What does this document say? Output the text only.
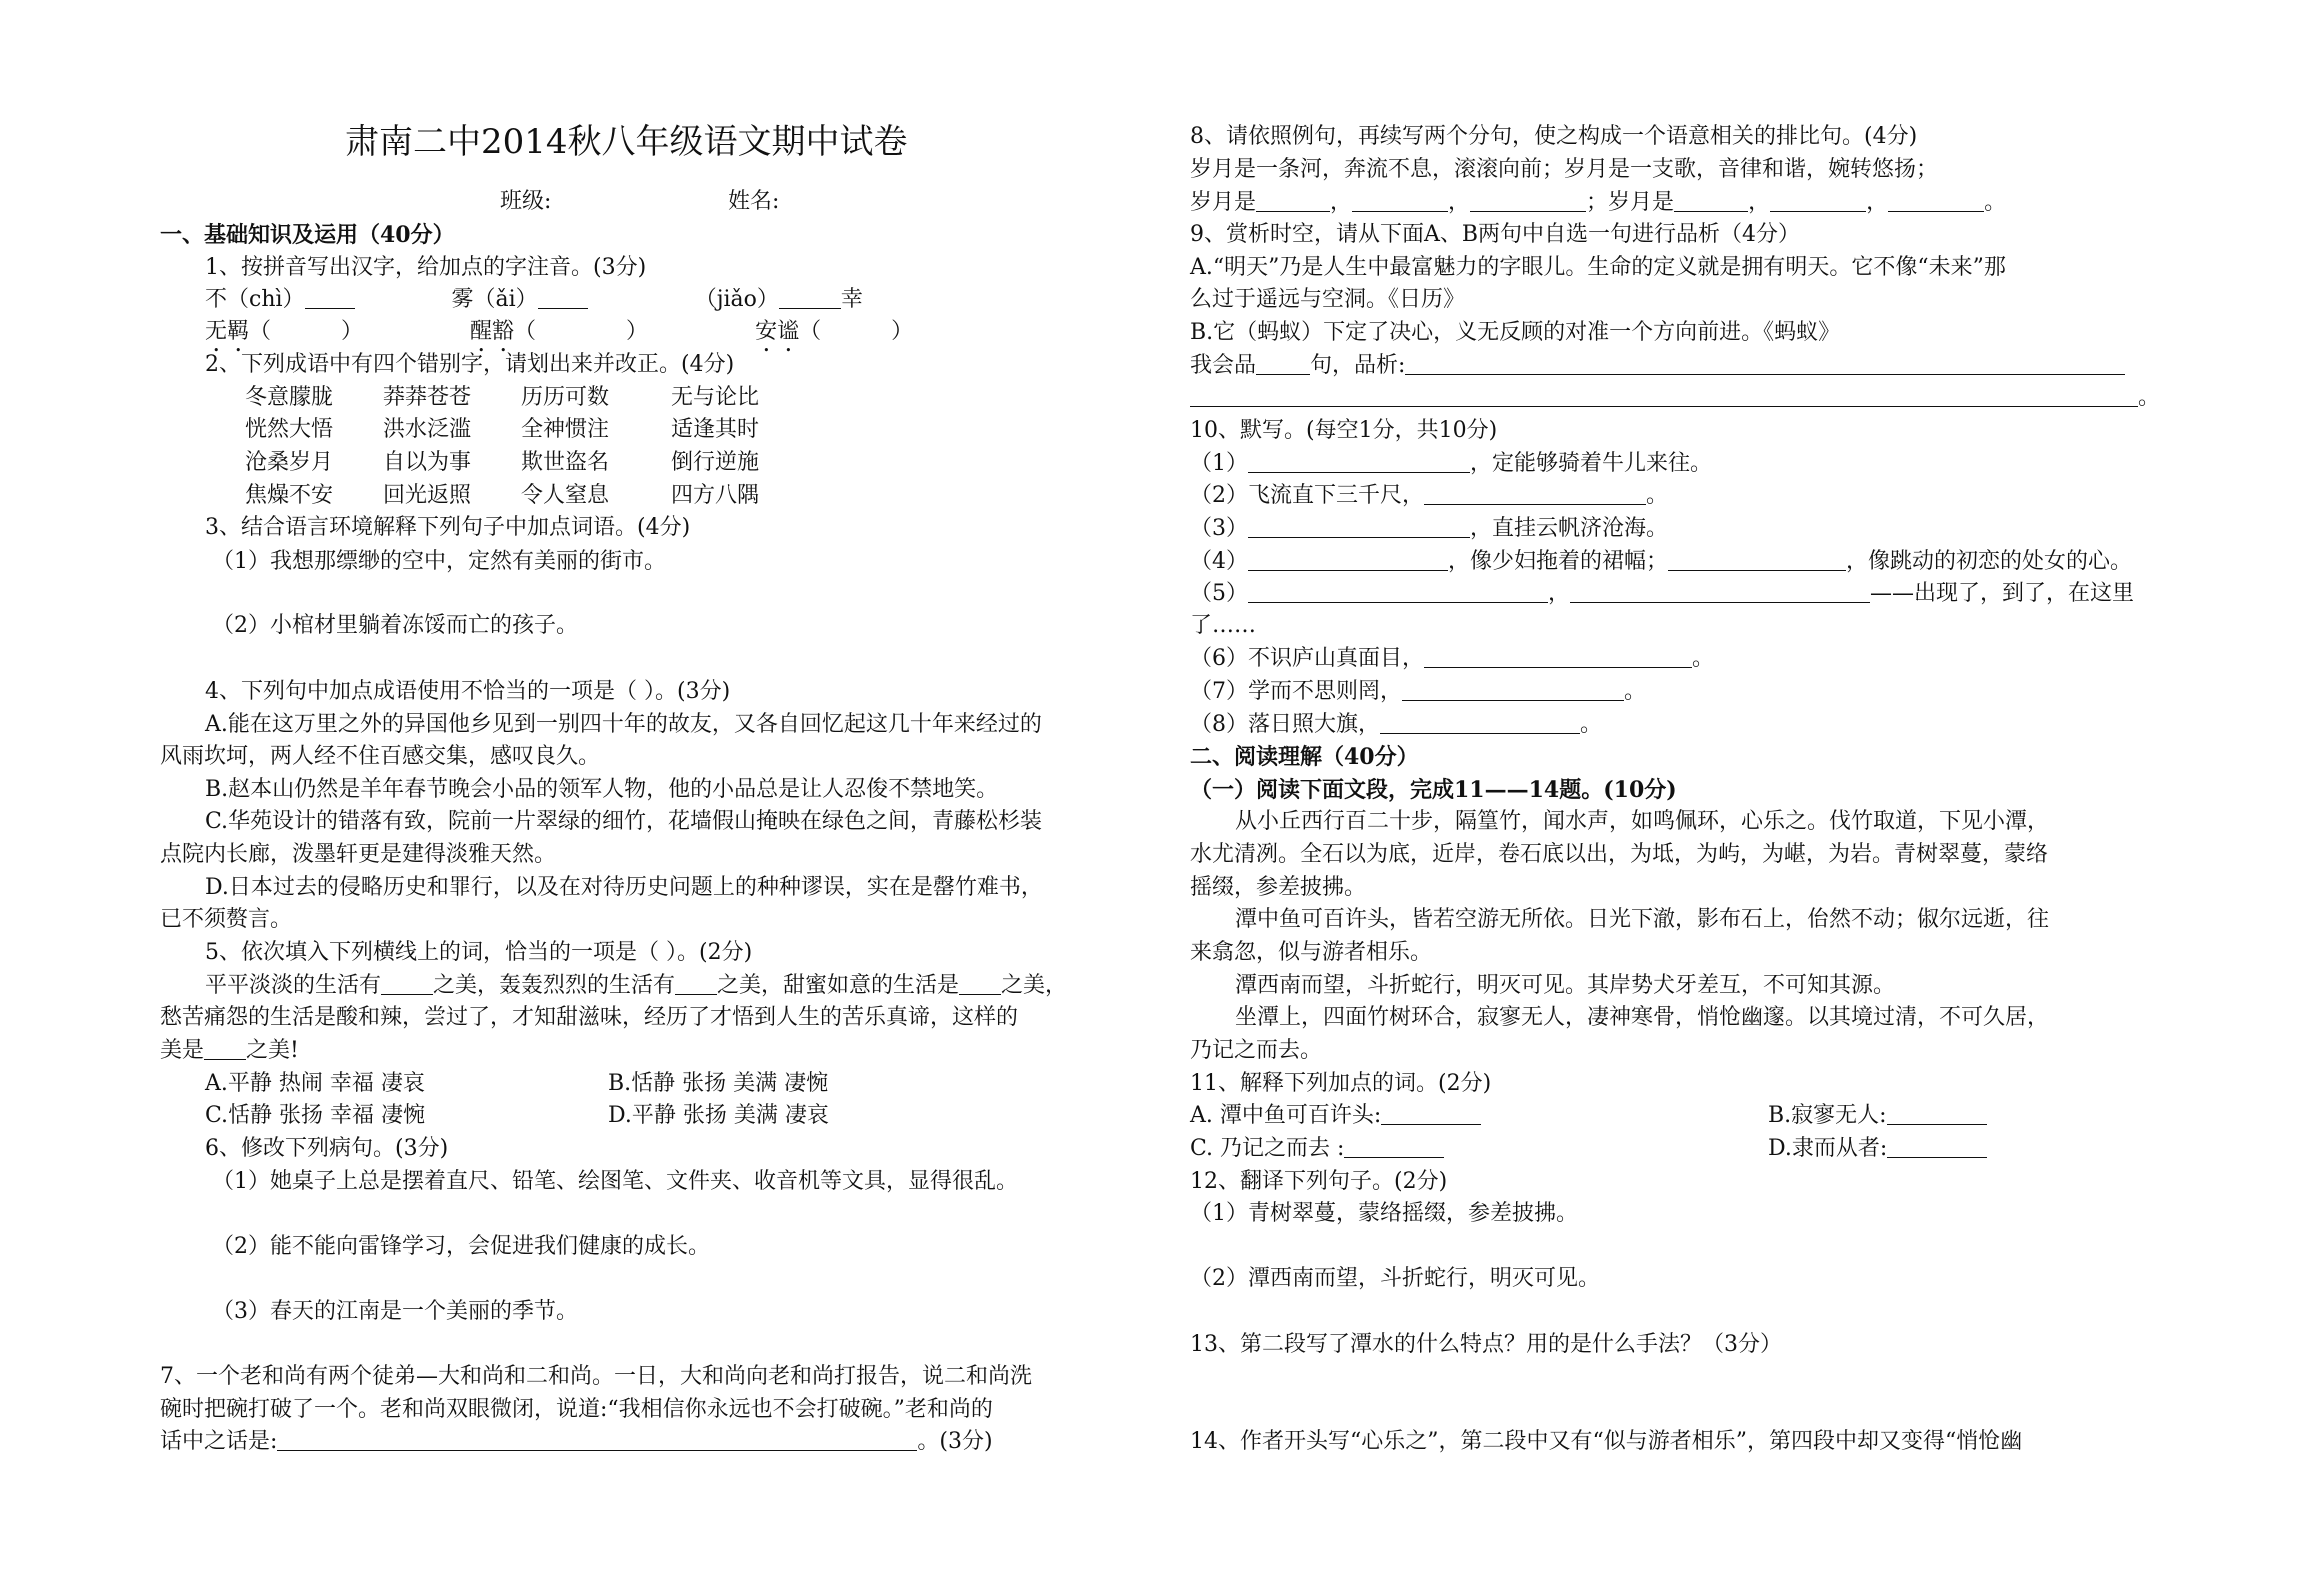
肃南二中2014秋八年级语文期中试卷
班级:	姓名:
一、基础知识及运用（40分）
1、按拼音写出汉字，给加点的字注音。(3分)
不（chì）	雾（ǎi）	（jiǎo）	幸
无羁（	）	醒豁（	）	安谧（	）
2、下列成语中有四个错别字，请划出来并改正。(4分)
冬意朦胧 莽莽苍苍 历历可数	无与论比
恍然大悟 洪水泛滥 全神惯注	适逢其时
沧桑岁月 自以为事 欺世盗名	倒行逆施
焦燥不安 回光返照 令人窒息	四方八隅
3、结合语言环境解释下列句子中加点词语。(4分)
（1）我想那缥缈的空中，定然有美丽的街市。
（2）小棺材里躺着冻馁而亡的孩子。
4、下列句中加点成语使用不恰当的一项是（ ）。(3分)
A.能在这万里之外的异国他乡见到一别四十年的故友，又各自回忆起这几十年来经过的
风雨坎坷，两人经不住百感交集，感叹良久。
B.赵本山仍然是羊年春节晚会小品的领军人物，他的小品总是让人忍俊不禁地笑。
C.华苑设计的错落有致，院前一片翠绿的细竹，花墙假山掩映在绿色之间，青藤松杉装
点院内长廊，泼墨轩更是建得淡雅天然。
D.日本过去的侵略历史和罪行，以及在对待历史问题上的种种谬误，实在是罄竹难书，
已不须赘言。
5、依次填入下列横线上的词，恰当的一项是（ ）。(2分)
平平淡淡的生活有 之美，轰轰烈烈的生活有 之美，甜蜜如意的生活是 之美，
愁苦痛怨的生活是酸和辣，尝过了，才知甜滋味，经历了才悟到人生的苦乐真谛，这样的
美是 之美!
A.平静 热闹 幸福 凄哀	B.恬静 张扬 美满 凄惋
C.恬静 张扬 幸福 凄惋	D.平静 张扬 美满 凄哀
6、修改下列病句。(3分)
（1）她桌子上总是摆着直尺、铅笔、绘图笔、文件夹、收音机等文具，显得很乱。
（2）能不能向雷锋学习，会促进我们健康的成长。
（3）春天的江南是一个美丽的季节。
7、一个老和尚有两个徒弟—大和尚和二和尚。一日，大和尚向老和尚打报告，说二和尚洗
碗时把碗打破了一个。老和尚双眼微闭，说道:“我相信你永远也不会打破碗。”老和尚的
话中之话是:	。(3分)
8、请依照例句，再续写两个分句，使之构成一个语意相关的排比句。(4分)
岁月是一条河，奔流不息，滚滚向前；岁月是一支歌，音律和谐，婉转悠扬；
岁月是	，	，	；岁月是	，	，	。
9、赏析时空，请从下面A、B两句中自选一句进行品析（4分）
A.“明天”乃是人生中最富魅力的字眼儿。生命的定义就是拥有明天。它不像“未来”那
么过于遥远与空洞。《日历》
B.它（蚂蚁）下定了决心，义无反顾的对准一个方向前进。《蚂蚁》
我会品 句，品析:
。
10、默写。(每空1分，共10分)
（1）	，定能够骑着牛儿来往。
（2）飞流直下三千尺，	。
（3）	，直挂云帆济沧海。
（4）	，像少妇拖着的裙幅；	，像跳动的初恋的处女的心。
（5）	，	——出现了，到了，在这里
了……
（6）不识庐山真面目，	。
（7）学而不思则罔，	。
（8）落日照大旗，	。
二、阅读理解（40分）
（一）阅读下面文段，完成11——14题。(10分)
从小丘西行百二十步，隔篁竹，闻水声，如鸣佩环，心乐之。伐竹取道，下见小潭，
水尤清冽。全石以为底，近岸，卷石底以出，为坻，为屿，为嵁，为岩。青树翠蔓，蒙络
摇缀，参差披拂。
潭中鱼可百许头，皆若空游无所依。日光下澈，影布石上，佁然不动；俶尔远逝，往
来翕忽，似与游者相乐。
潭西南而望，斗折蛇行，明灭可见。其岸势犬牙差互，不可知其源。
坐潭上，四面竹树环合，寂寥无人，凄神寒骨，悄怆幽邃。以其境过清，不可久居，
乃记之而去。
11、解释下列加点的词。(2分)
A. 潭中鱼可百许头:	B.寂寥无人:
C. 乃记之而去 :	D.隶而从者:
12、翻译下列句子。(2分)
（1）青树翠蔓，蒙络摇缀，参差披拂。
（2）潭西南而望，斗折蛇行，明灭可见。
13、第二段写了潭水的什么特点？用的是什么手法？（3分）
14、作者开头写“心乐之”，第二段中又有“似与游者相乐”，第四段中却又变得“悄怆幽
